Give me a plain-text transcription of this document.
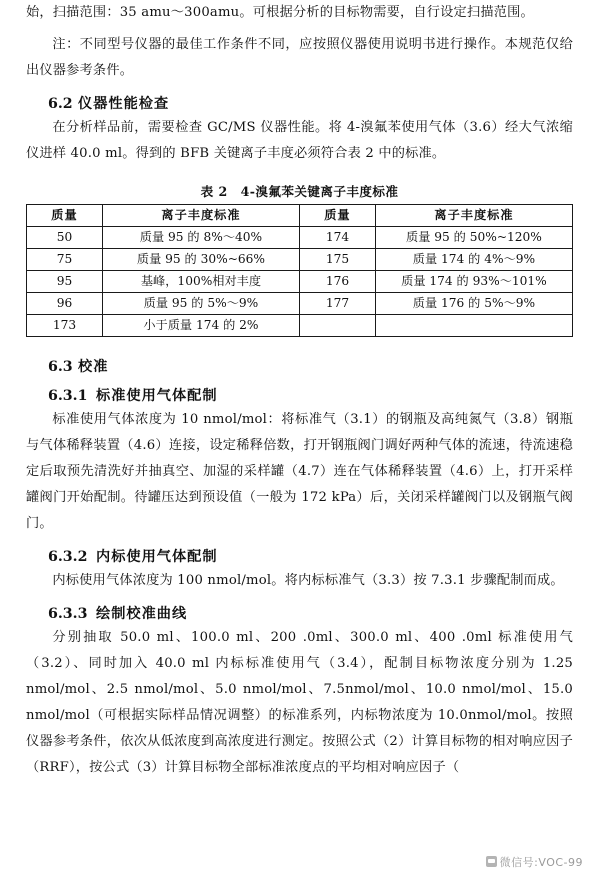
始，扫描范围：35 amu～300amu。可根据分析的目标物需要，自行设定扫描范围。

注：不同型号仪器的最佳工作条件不同，应按照仪器使用说明书进行操作。本规范仅给出仪器参考条件。

6.2 仪器性能检查

在分析样品前，需要检查 GC/MS 仪器性能。将 4-溴氟苯使用气体（3.6）经大气浓缩仪进样 40.0 ml。得到的 BFB 关键离子丰度必须符合表 2 中的标准。

表 2　4-溴氟苯关键离子丰度标准
质量	离子丰度标准	质量	离子丰度标准
50	质量 95 的 8%～40%	174	质量 95 的 50%~120%
75	质量 95 的 30%~66%	175	质量 174 的 4%～9%
95	基峰，100%相对丰度	176	质量 174 的 93%～101%
96	质量 95 的 5%～9%	177	质量 176 的 5%～9%
173	小于质量 174 的 2%		
6.3 校准
6.3.1 标准使用气体配制

标准使用气体浓度为 10 nmol/mol：将标准气（3.1）的钢瓶及高纯氮气（3.8）钢瓶与气体稀释装置（4.6）连接，设定稀释倍数，打开钢瓶阀门调好两种气体的流速，待流速稳定后取预先清洗好并抽真空、加湿的采样罐（4.7）连在气体稀释装置（4.6）上，打开采样罐阀门开始配制。待罐压达到预设值（一般为 172 kPa）后，关闭采样罐阀门以及钢瓶气阀门。

6.3.2 内标使用气体配制

内标使用气体浓度为 100 nmol/mol。将内标标准气（3.3）按 7.3.1 步骤配制而成。

6.3.3 绘制校准曲线

分别抽取 50.0 ml、100.0 ml、200 .0ml、300.0 ml、400 .0ml 标准使用气（3.2）、同时加入 40.0 ml 内标标准使用气（3.4），配制目标物浓度分别为 1.25 nmol/mol、2.5 nmol/mol、5.0 nmol/mol、7.5nmol/mol、10.0 nmol/mol、15.0 nmol/mol（可根据实际样品情况调整）的标准系列，内标物浓度为 10.0nmol/mol。按照仪器参考条件，依次从低浓度到高浓度进行测定。按照公式（2）计算目标物的相对响应因子（RRF），按公式（3）计算目标物全部标准浓度点的平均相对响应因子（

微信号:VOC-99
